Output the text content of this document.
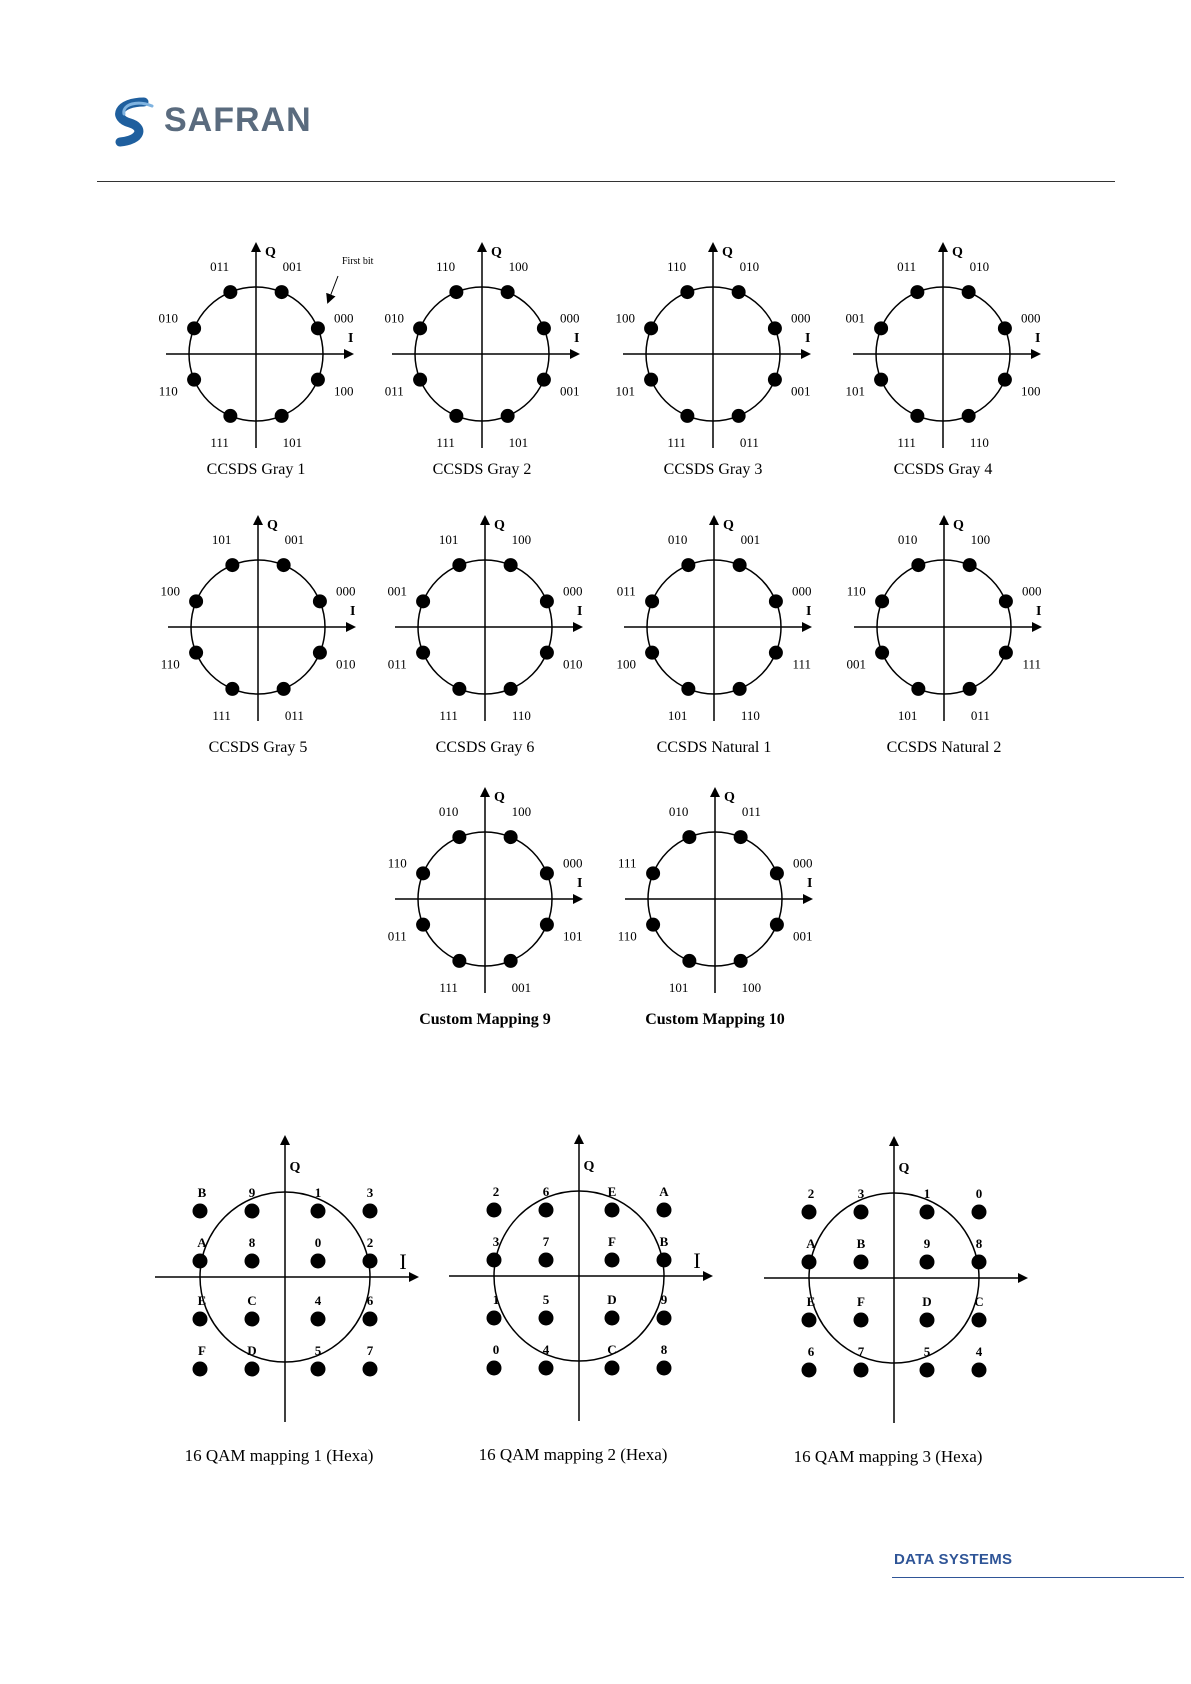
SAFRAN
Q
I
000
001
011
010
110
111	101
100
First bit
CCSDS Gray 1
Q
I
000
100
110
010
011
111	101
001
CCSDS Gray 2
Q
I
000
010
110
100
101
111	011
001
CCSDS Gray 3
Q
I
000
010
011
001
101
111	110
100
CCSDS Gray 4
Q
I
000
001
101
100
110
111	011
010
CCSDS Gray 5
Q
I
000
100
101
001
011
111	110
010
CCSDS Gray 6
Q
I
000
001
010
011
100
101	110
111
CCSDS Natural 1
Q
I
000
100
010
110
001
101	011
111
CCSDS Natural 2
Q
I
000
100
010
110
011
111	001
101
Custom Mapping 9
Q
I
000
011
010
111
110
101	100
001
Custom Mapping 10
Q
I
B	9	1	3
A	8	0	2
E	C	4	6
F	D	5	7
16 QAM mapping 1 (Hexa)
Q
I
2	6	E	A
3	7	F	B
1	5	D	9
0	4	C	8
16 QAM mapping 2 (Hexa)
Q
2	3	1	0
A	B	9	8
E	F	D	C
6	7	5	4
16 QAM mapping 3 (Hexa)
DATA SYSTEMS
